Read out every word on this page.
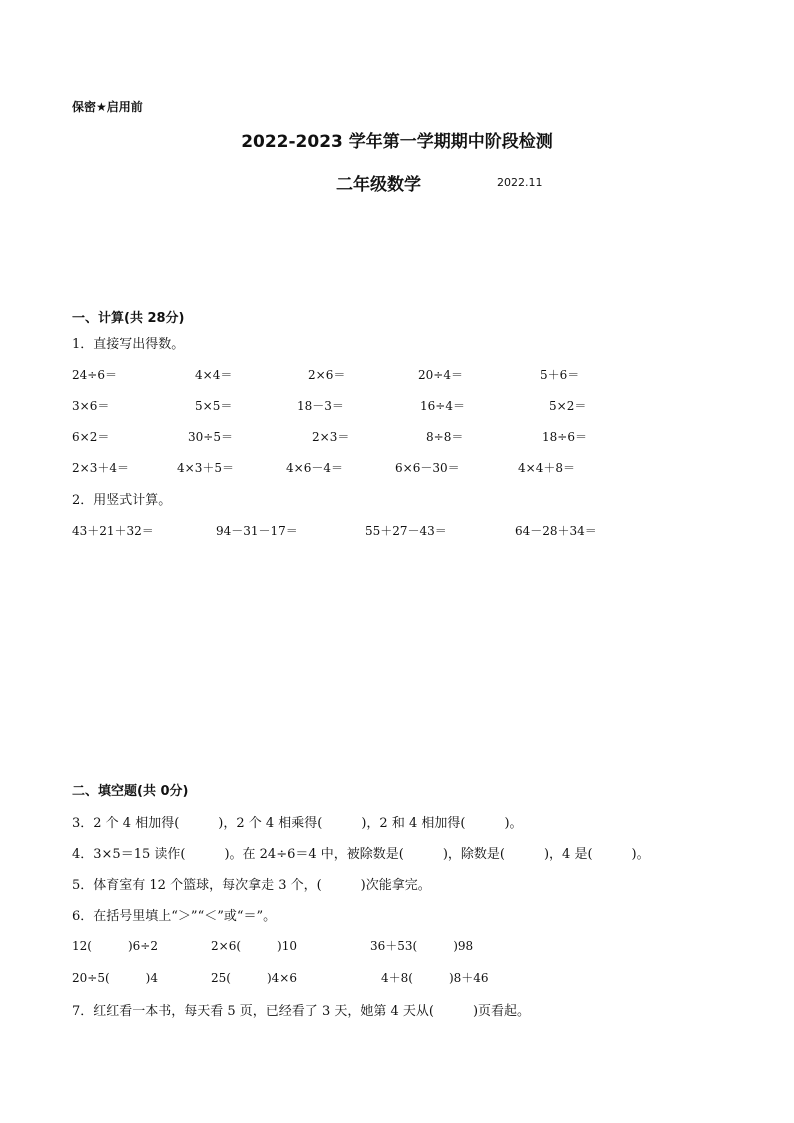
保密★启用前
2022-2023 学年第一学期期中阶段检测
二年级数学	2022.11
一、计算(共 28分)
1．直接写出得数。
24÷6＝	4×4＝	2×6＝	20÷4＝	5＋6＝
3×6＝	5×5＝	18－3＝	16÷4＝	5×2＝
6×2＝	30÷5＝	2×3＝	8÷8＝	18÷6＝
2×3＋4＝	4×3＋5＝	4×6－4＝	6×6－30＝	4×4＋8＝
2．用竖式计算。
43＋21＋32＝	94－31－17＝	55＋27－43＝	64－28＋34＝
二、填空题(共 0分)
3．2 个 4 相加得(　　　)，2 个 4 相乘得(　　　)，2 和 4 相加得(　　　)。
4．3×5＝15 读作(　　　)。在 24÷6＝4 中，被除数是(　　　)，除数是(　　　)，4 是(　　　)。
5．体育室有 12 个篮球，每次拿走 3 个，(　　　)次能拿完。
6．在括号里填上“＞”“＜”或“＝”。
12(　　　)6÷2	2×6(　　　)10	36＋53(　　　)98
20÷5(　　　)4	25(　　　)4×6	4＋8(　　　)8＋46
7．红红看一本书，每天看 5 页，已经看了 3 天，她第 4 天从(　　　)页看起。
